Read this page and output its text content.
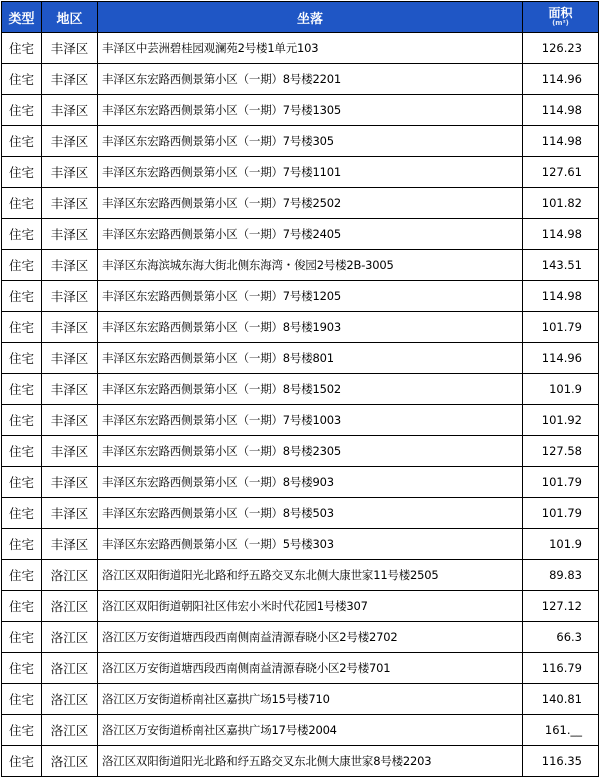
类型	地区	坐落	面积
(m²)

住宅	丰泽区	丰泽区中芸洲碧桂园观澜苑2号楼1单元103	126.23
住宅	丰泽区	丰泽区东宏路西侧景第小区（一期）8号楼2201	114.96
住宅	丰泽区	丰泽区东宏路西侧景第小区（一期）7号楼1305	114.98
住宅	丰泽区	丰泽区东宏路西侧景第小区（一期）7号楼305	114.98
住宅	丰泽区	丰泽区东宏路西侧景第小区（一期）7号楼1101	127.61
住宅	丰泽区	丰泽区东宏路西侧景第小区（一期）7号楼2502	101.82
住宅	丰泽区	丰泽区东宏路西侧景第小区（一期）7号楼2405	114.98
住宅	丰泽区	丰泽区东海滨城东海大街北侧东海湾・俊园2号楼2B-3005	143.51
住宅	丰泽区	丰泽区东宏路西侧景第小区（一期）7号楼1205	114.98
住宅	丰泽区	丰泽区东宏路西侧景第小区（一期）8号楼1903	101.79
住宅	丰泽区	丰泽区东宏路西侧景第小区（一期）8号楼801	114.96
住宅	丰泽区	丰泽区东宏路西侧景第小区（一期）8号楼1502	101.9
住宅	丰泽区	丰泽区东宏路西侧景第小区（一期）7号楼1003	101.92
住宅	丰泽区	丰泽区东宏路西侧景第小区（一期）8号楼2305	127.58
住宅	丰泽区	丰泽区东宏路西侧景第小区（一期）8号楼903	101.79
住宅	丰泽区	丰泽区东宏路西侧景第小区（一期）8号楼503	101.79
住宅	丰泽区	丰泽区东宏路西侧景第小区（一期）5号楼303	101.9
住宅	洛江区	洛江区双阳街道阳光北路和纾五路交叉东北侧大康世家11号楼2505	89.83
住宅	洛江区	洛江区双阳街道朝阳社区伟宏小米时代花园1号楼307	127.12
住宅	洛江区	洛江区万安街道塘西段西南侧南益清源春晓小区2号楼2702	66.3
住宅	洛江区	洛江区万安街道塘西段西南侧南益清源春晓小区2号楼701	116.79
住宅	洛江区	洛江区万安街道桥南社区嘉拱广场15号楼710	140.81
住宅	洛江区	洛江区万安街道桥南社区嘉拱广场17号楼2004	161.__
住宅	洛江区	洛江区双阳街道阳光北路和纾五路交叉东北侧大康世家8号楼2203	116.35
